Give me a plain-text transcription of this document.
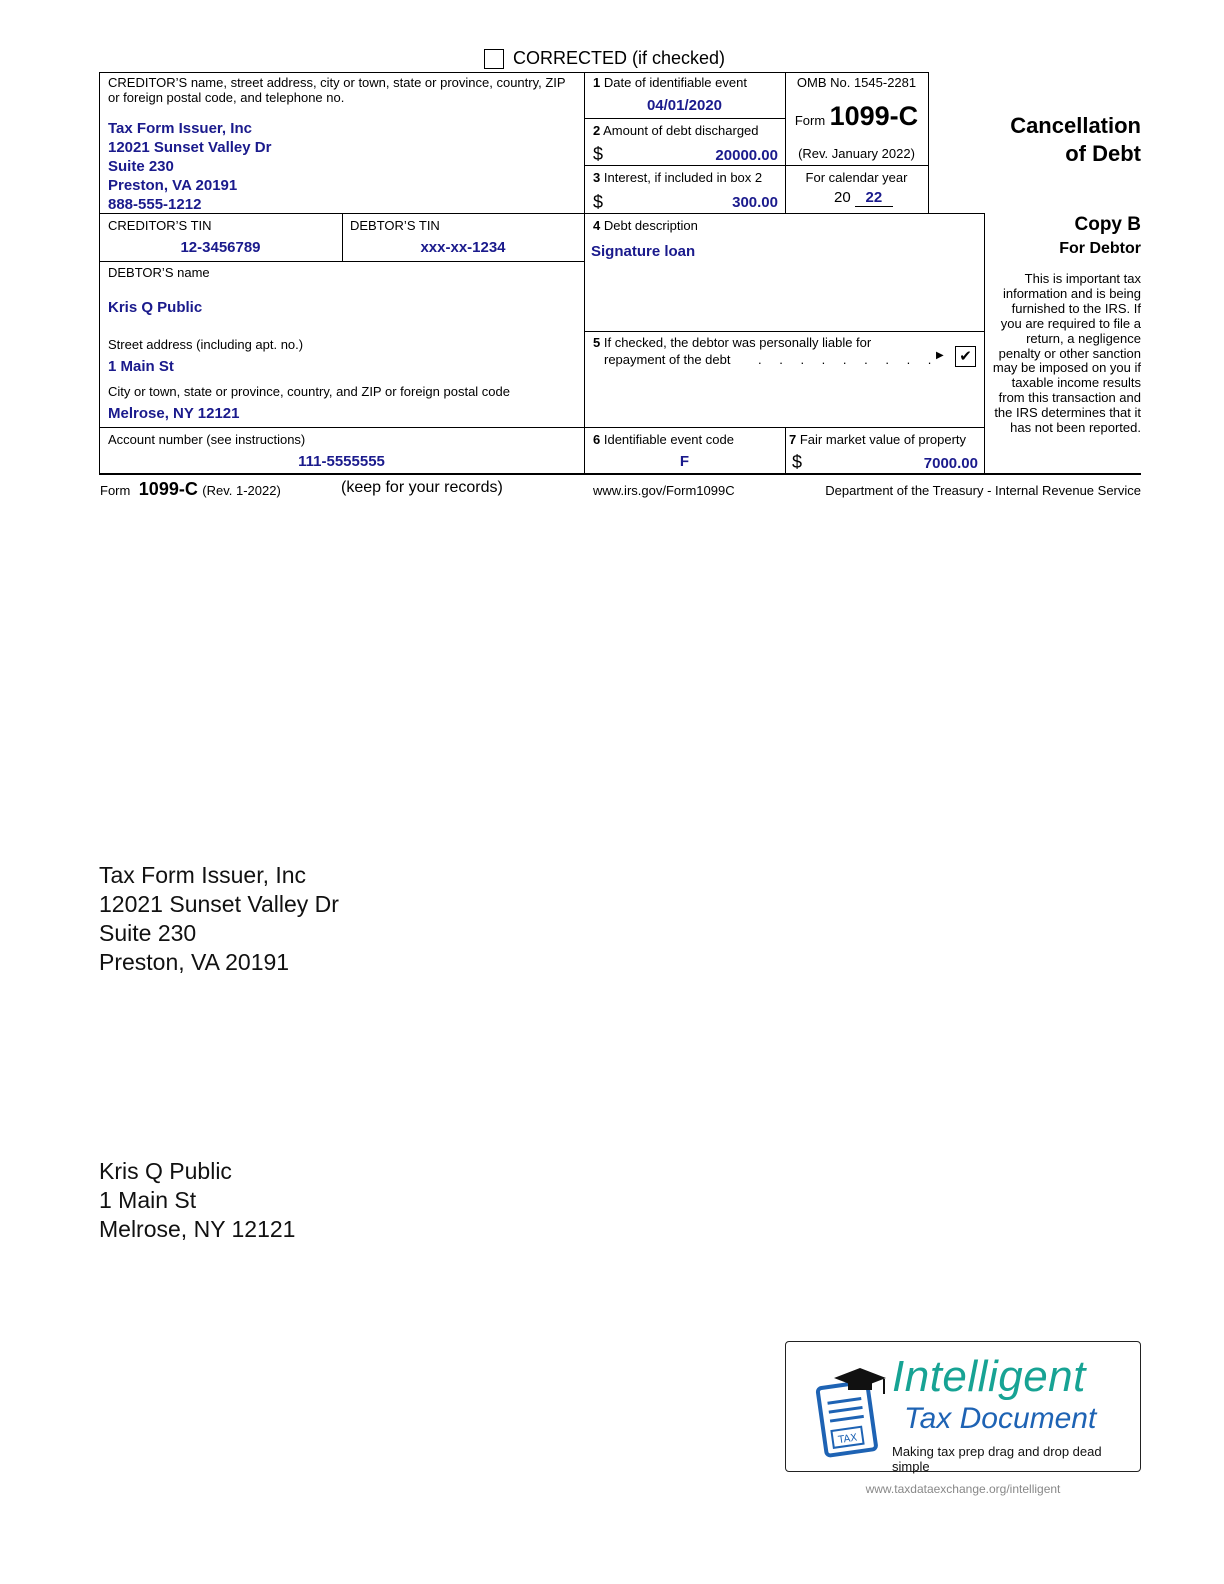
CORRECTED (if checked)
CREDITOR’S name, street address, city or town, state or province, country, ZIP or foreign postal code, and telephone no.
Tax Form Issuer, Inc
12021 Sunset Valley Dr
Suite 230
Preston, VA 20191
888-555-1212
1 Date of identifiable event
04/01/2020
2 Amount of debt discharged
$	20000.00
3 Interest, if included in box 2
$	300.00
OMB No. 1545-2281
Form 1099-C
(Rev. January 2022)
For calendar year
20 22
Cancellation
of Debt
Copy B
For Debtor
This is important tax information and is being furnished to the IRS. If you are required to file a return, a negligence penalty or other sanction may be imposed on you if taxable income results from this transaction and the IRS determines that it has not been reported.
CREDITOR’S TIN
12-3456789
DEBTOR’S TIN
xxx-xx-1234
DEBTOR’S name
Kris Q Public
Street address (including apt. no.)
1 Main St
City or town, state or province, country, and ZIP or foreign postal code
Melrose, NY 12121
4 Debt description
Signature loan
5 If checked, the debtor was personally liable for
repayment of the debt . . . . . . . . .
▶ ✔
Account number (see instructions)
111-5555555
6 Identifiable event code
F
7 Fair market value of property
$	7000.00
Form 1099-C (Rev. 1-2022)	(keep for your records)	www.irs.gov/Form1099C	Department of the Treasury - Internal Revenue Service
Tax Form Issuer, Inc
12021 Sunset Valley Dr
Suite 230
Preston, VA 20191
Kris Q Public
1 Main St
Melrose, NY 12121
TAX
Intelligent
Tax Document
Making tax prep drag and drop dead simple
www.taxdataexchange.org/intelligent
